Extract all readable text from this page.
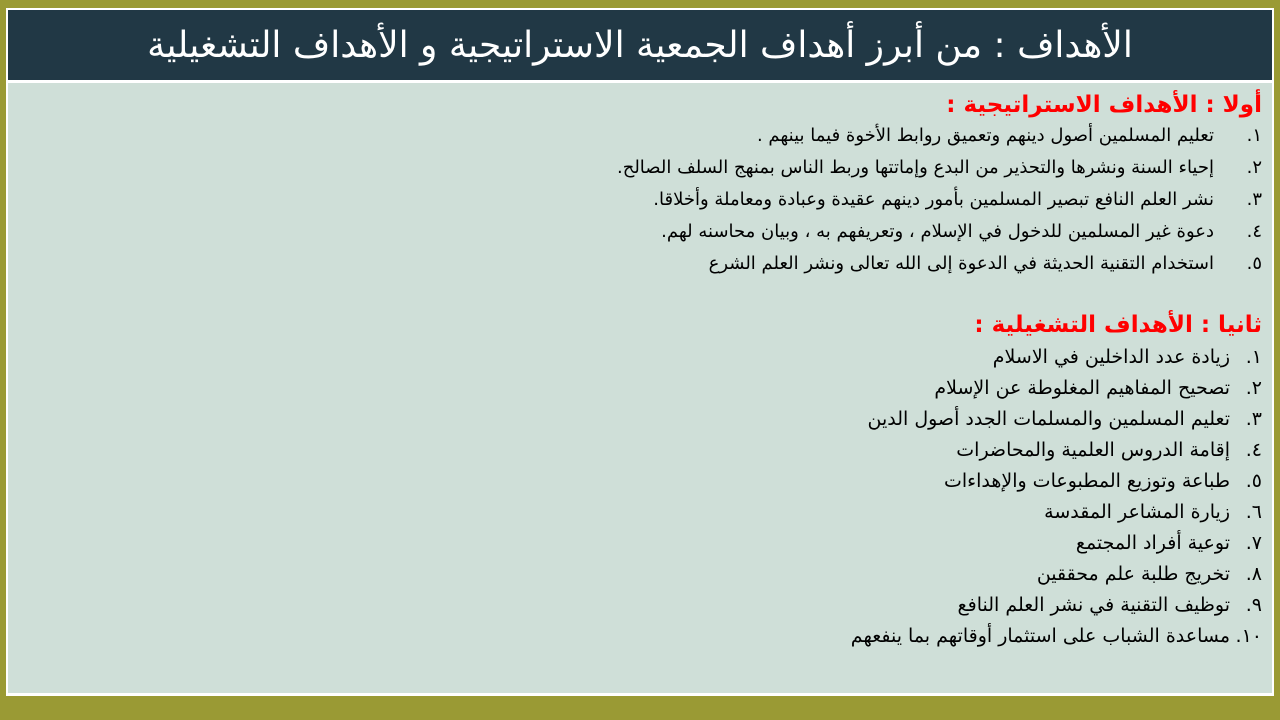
الأهداف : من أبرز أهداف الجمعية الاستراتيجية و الأهداف التشغيلية
أولا : الأهداف الاستراتيجية :
١.
تعليم المسلمين أصول دينهم وتعميق روابط الأخوة فيما بينهم .
٢.
إحياء السنة ونشرها والتحذير من البدع وإماتتها وربط الناس بمنهج السلف الصالح.
٣.
نشر العلم النافع تبصير المسلمين بأمور دينهم عقيدة وعبادة ومعاملة وأخلاقا.
٤.
دعوة غير المسلمين للدخول في الإسلام ، وتعريفهم به ، وبيان محاسنه لهم.
٥.
استخدام التقنية الحديثة في الدعوة إلى الله تعالى ونشر العلم الشرع
ثانيا : الأهداف التشغيلية :
١.
زيادة عدد الداخلين في الاسلام
٢.
تصحيح المفاهيم المغلوطة عن الإسلام
٣.
تعليم المسلمين والمسلمات الجدد أصول الدين
٤.
إقامة الدروس العلمية والمحاضرات
٥.
طباعة وتوزيع المطبوعات والإهداءات
٦.
زيارة المشاعر المقدسة
٧.
توعية أفراد المجتمع
٨.
تخريج طلبة علم محققين
٩.
توظيف التقنية في نشر العلم النافع
١٠.
مساعدة الشباب على استثمار أوقاتهم بما ينفعهم
